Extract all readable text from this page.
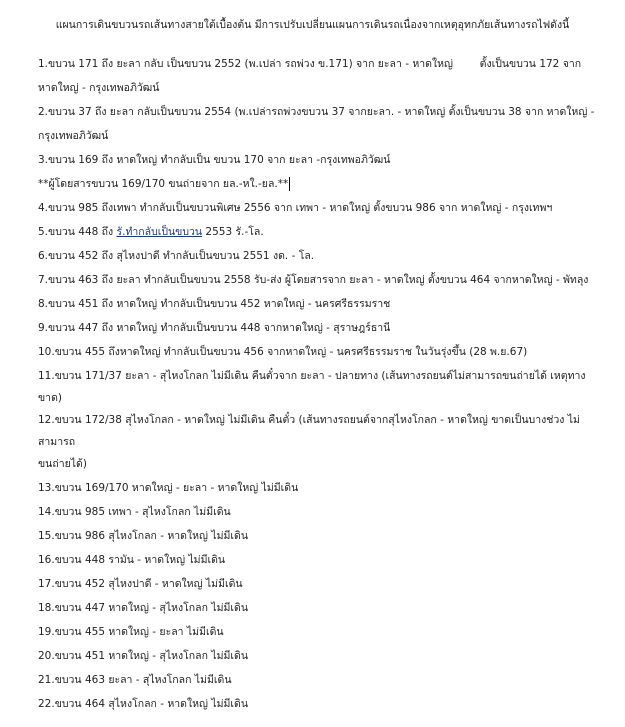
แผนการเดินขบวนรถเส้นทางสายใต้เบื้องต้น มีการเปรับเปลี่ยนแผนการเดินรถเนื่องจากเหตุอุทกภัยเส้นทางรถไฟดังนี้
1.ขบวน 171 ถึง ยะลา กลับ เป็นขบวน 2552 (พ.เปล่า รถพ่วง ข.171) จาก ยะลา - หาดใหญ่        ตั้งเป็นขบวน 172 จาก
หาดใหญ่ - กรุงเทพอภิวัฒน์
2.ขบวน 37 ถึง ยะลา กลับเป็นขบวน 2554 (พ.เปล่ารถพ่วงขบวน 37 จากยะลา. - หาดใหญ่ ตั้งเป็นขบวน 38 จาก หาดใหญ่ -
กรุงเทพอภิวัฒน์
3.ขบวน 169 ถึง หาดใหญ่ ทำกลับเป็น ขบวน 170 จาก ยะลา -กรุงเทพอภิวัฒน์
**ผู้โดยสารขบวน 169/170 ขนถ่ายจาก ยล.-หใ.-ยล.**
4.ขบวน 985 ถึงเทพา ทำกลับเป็นขบวนพิเศษ 2556 จาก เทพา - หาดใหญ่ ตั้งขบวน 986 จาก หาดใหญ่ - กรุงเทพฯ
5.ขบวน 448 ถึง รั.ทำกลับเป็นขบวน 2553 รั.-โล.
6.ขบวน 452 ถึง สุไหงปาดี ทำกลับเป็นขบวน 2551 งด. - โล.
7.ขบวน 463 ถึง ยะลา ทำกลับเป็นขบวน 2558 รับ-ส่ง ผู้โดยสารจาก ยะลา - หาดใหญ่ ตั้งขบวน 464 จากหาดใหญ่ - พัทลุง
8.ขบวน 451 ถึง หาดใหญ่ ทำกลับเป็นขบวน 452 หาดใหญ่ - นครศรีธรรมราช
9.ขบวน 447 ถึง หาดใหญ่ ทำกลับเป็นขบวน 448 จากหาดใหญ่ - สุราษฎร์ธานี
10.ขบวน 455 ถึงหาดใหญ่ ทำกลับเป็นขบวน 456 จากหาดใหญ่ - นครศรีธรรมราช ในวันรุ่งขึ้น (28 พ.ย.67)
11.ขบวน 171/37 ยะลา - สุไหงโกลก ไม่มีเดิน คืนตั๋วจาก ยะลา - ปลายทาง (เส้นทางรถยนต์ไม่สามารถขนถ่ายได้ เหตุทางขาด)
12.ขบวน 172/38 สุไหงโกลก - หาดใหญ่ ไม่มีเดิน คืนตั๋ว (เส้นทางรถยนต์จากสุไหงโกลก - หาดใหญ่ ขาดเป็นบางช่วง ไม่สามารถ
ขนถ่ายได้)
13.ขบวน 169/170 หาดใหญ่ - ยะลา - หาดใหญ่ ไม่มีเดิน
14.ขบวน 985 เทพา - สุไหงโกลก ไม่มีเดิน
15.ขบวน 986 สุไหงโกลก - หาดใหญ่ ไม่มีเดิน
16.ขบวน 448 รามัน - หาดใหญ่ ไม่มีเดิน
17.ขบวน 452 สุไหงปาดี - หาดใหญ่ ไม่มีเดิน
18.ขบวน 447 หาดใหญ่ - สุไหงโกลก ไม่มีเดิน
19.ขบวน 455 หาดใหญ่ - ยะลา ไม่มีเดิน
20.ขบวน 451 หาดใหญ่ - สุไหงโกลก ไม่มีเดิน
21.ขบวน 463 ยะลา - สุไหงโกลก ไม่มีเดิน
22.ขบวน 464 สุไหงโกลก - หาดใหญ่ ไม่มีเดิน
